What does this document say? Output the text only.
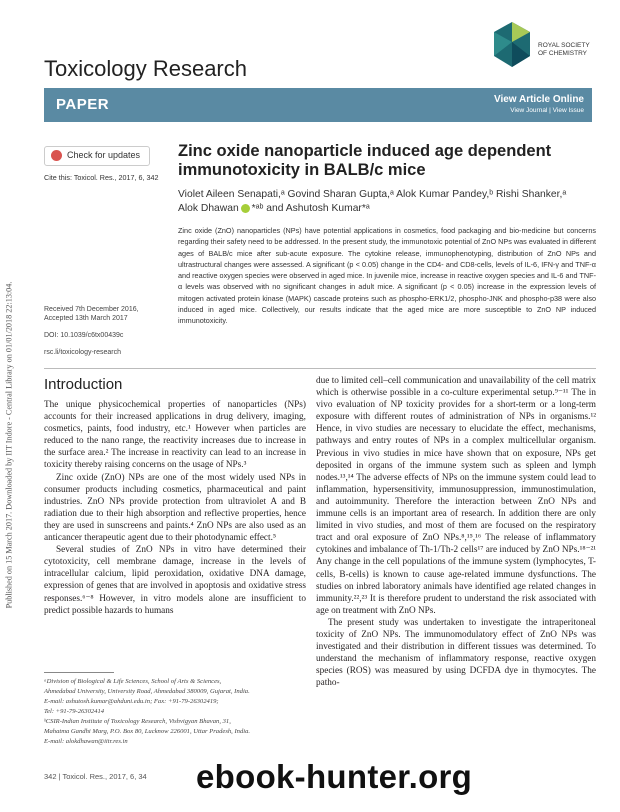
Published on 15 March 2017. Downloaded by IIT Indore - Central Library on 01/01/2018 22:13:04.
Toxicology Research
ROYAL SOCIETY OF CHEMISTRY
PAPER	View Article Online
View Journal | View Issue
Check for updates
Cite this: Toxicol. Res., 2017, 6, 342
Zinc oxide nanoparticle induced age dependent immunotoxicity in BALB/c mice
Violet Aileen Senapati,ᵃ Govind Sharan Gupta,ᵃ Alok Kumar Pandey,ᵇ Rishi Shanker,ᵃ
Alok Dhawan *ᵃᵇ and Ashutosh Kumar*ᵃ
Zinc oxide (ZnO) nanoparticles (NPs) have potential applications in cosmetics, food packaging and bio-medicine but concerns regarding their safety need to be addressed. In the present study, the immunotoxic potential of ZnO NPs was evaluated in different ages of BALB/c mice after sub-acute exposure. The cytokine release, immunophenotyping, distribution of ZnO NPs and ultrastructural changes were assessed. A significant (p < 0.05) change in the CD4- and CD8-cells, levels of IL-6, IFN-γ and TNF-α and reactive oxygen species were observed in aged mice. In juvenile mice, increase in reactive oxygen species and IL-6 and TNF-α levels was observed with no significant changes in adult mice. A significant (p < 0.05) increase in the expression levels of mitogen activated protein kinase (MAPK) cascade proteins such as phospho-ERK1/2, phospho-JNK and phospho-p38 were also induced in aged mice. Collectively, our results indicate that the aged mice are more susceptible to ZnO NP induced immunotoxicity.
Received 7th December 2016,
Accepted 13th March 2017
DOI: 10.1039/c6tx00439c
rsc.li/toxicology-research
Introduction

The unique physicochemical properties of nanoparticles (NPs) accounts for their increased applications in drug delivery, imaging, cosmetics, paints, food industry, etc.¹ However when particles are reduced to the nano range, the reactivity increases due to increase in the surface area.² The increase in reactivity can lead to an increase in toxicity thereby raising concerns on the usage of NPs.³

Zinc oxide (ZnO) NPs are one of the most widely used NPs in consumer products including cosmetics, pharmaceutical and paint industries. ZnO NPs provide protection from ultraviolet A and B radiation due to their high absorption and reflective properties, hence they are used in sunscreens and paints.⁴ ZnO NPs are also used as an anticancer therapeutic agent due to their photodynamic effect.⁵

Several studies of ZnO NPs in vitro have determined their cytotoxicity, cell membrane damage, increase in the levels of intracellular calcium, lipid peroxidation, oxidative DNA damage, expression of genes that are involved in apoptosis and oxidative stress responses.⁶⁻⁸ However, in vitro models alone are insufficient to predict possible hazards to humans

due to limited cell–cell communication and unavailability of the cell matrix which is otherwise possible in a co-culture experimental setup.⁹⁻¹¹ The in vivo evaluation of NP toxicity provides for a short-term or a long-term exposure with different routes of administration of NPs in organisms.¹² Hence, in vivo studies are necessary to elucidate the effect, mechanisms, pathways and entry routes of NPs in a complex multicellular organism. Previous in vivo studies in mice have shown that on exposure, NPs get deposited in organs of the immune system such as spleen and lymph nodes.¹³,¹⁴ The adverse effects of NPs on the immune system could lead to inflammation, hypersensitivity, immunosuppression, immunostimulation, and autoimmunity. Therefore the interaction between ZnO NPs and immune cells is an important area of research. In addition there are only limited in vivo studies, and most of them are focused on the respiratory tract and oral exposure of ZnO NPs.⁸,¹⁵,¹⁶ The release of inflammatory cytokines and imbalance of Th-1/Th-2 cells¹⁷ are induced by ZnO NPs.¹⁸⁻²¹ Any change in the cell populations of the immune system (lymphocytes, T-cells, B-cells) is known to cause age-related immune dysfunctions. The studies on inbred laboratory animals have identified age related changes in immunity.²²,²³ It is therefore prudent to understand the risk associated with age on treatment with ZnO NPs.

The present study was undertaken to investigate the intraperitoneal toxicity of ZnO NPs. The immunomodulatory effect of ZnO NPs was investigated and their distribution in different tissues was determined. To understand the mechanism of inflammatory response, reactive oxygen species (ROS) was measured by using DCFDA dye in thymocytes. The patho-

ᵃDivision of Biological & Life Sciences, School of Arts & Sciences,
Ahmedabad University, University Road, Ahmedabad 380009, Gujarat, India.
E-mail: ashutosh.kumar@ahduni.edu.in; Fax: +91-79-26302419;
Tel: +91-79-26302414
ᵇCSIR-Indian Institute of Toxicology Research, Vishvigyan Bhavan, 31,
Mahatma Gandhi Marg, P.O. Box 80, Lucknow 226001, Uttar Pradesh, India.
E-mail: alokdhawan@iitr.res.in
342 | Toxicol. Res., 2017, 6, 34 ebook-hunter.org
